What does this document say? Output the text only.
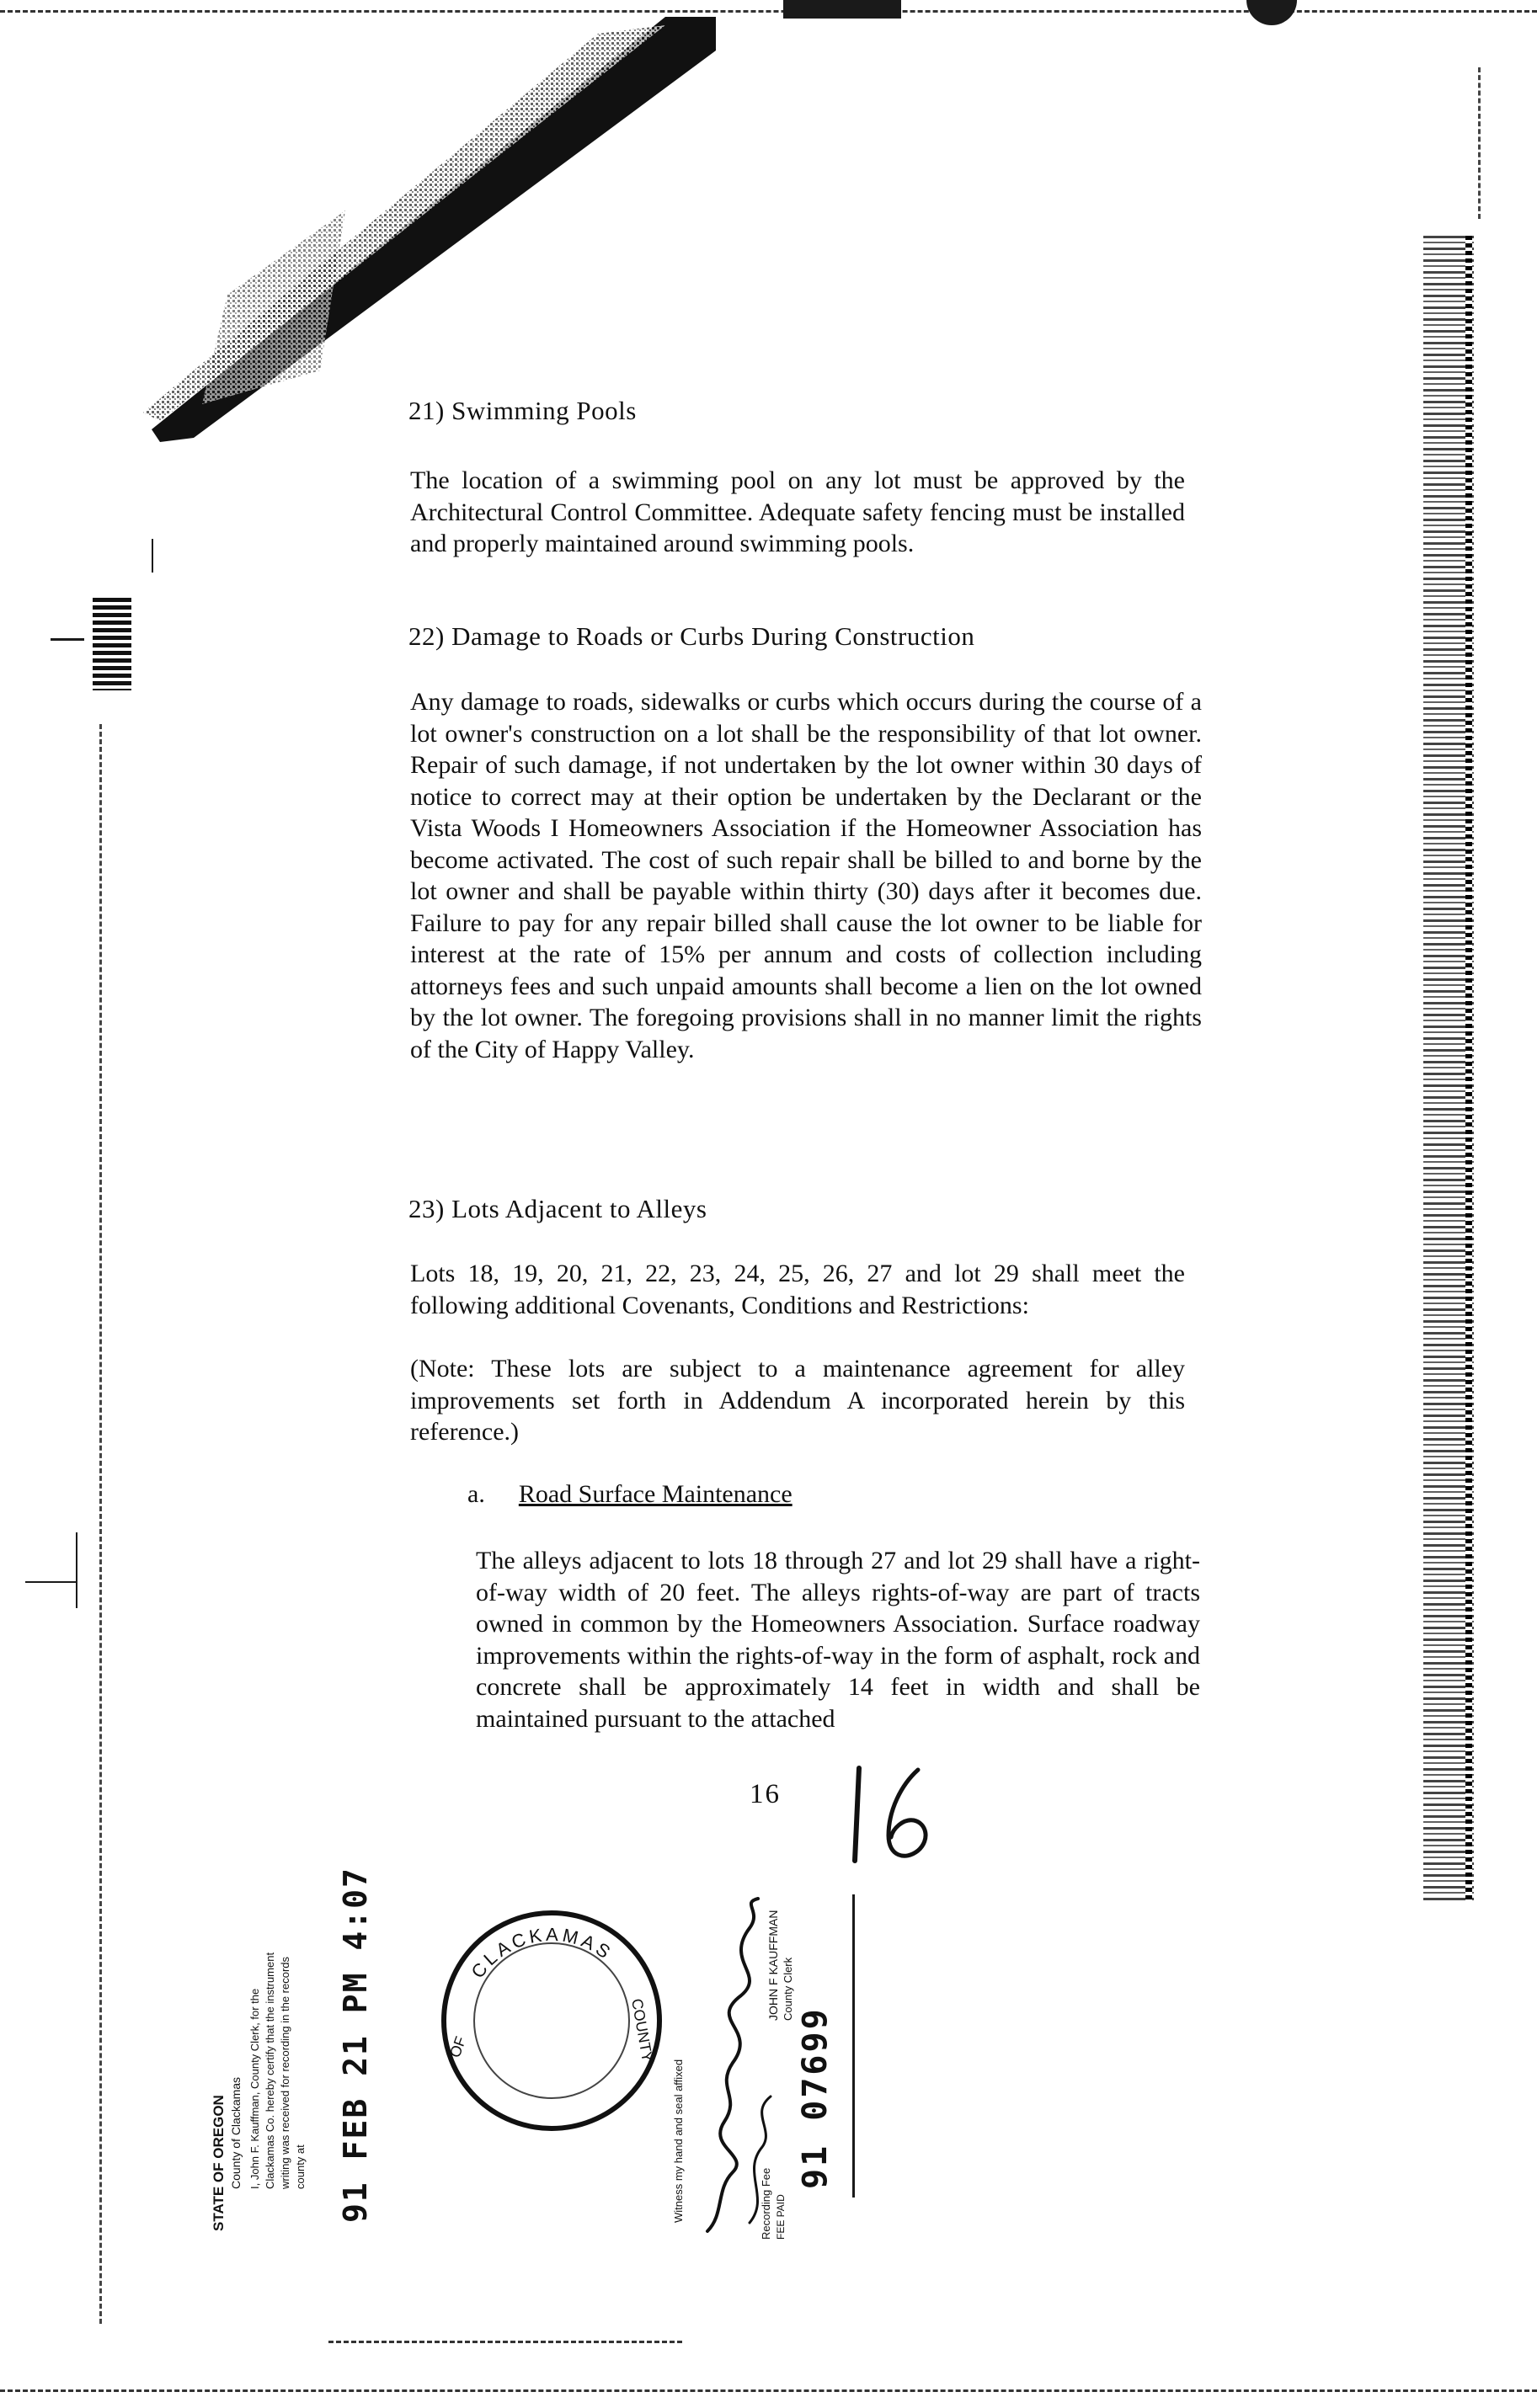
21) Swimming Pools
The location of a swimming pool on any lot must be approved by the Architectural Control Committee. Adequate safety fencing must be installed and properly maintained around swimming pools.
22) Damage to Roads or Curbs During Construction
Any damage to roads, sidewalks or curbs which occurs during the course of a lot owner's construction on a lot shall be the responsibility of that lot owner. Repair of such damage, if not undertaken by the lot owner within 30 days of notice to correct may at their option be undertaken by the Declarant or the Vista Woods I Homeowners Association if the Homeowner Association has become activated. The cost of such repair shall be billed to and borne by the lot owner and shall be payable within thirty (30) days after it becomes due. Failure to pay for any repair billed shall cause the lot owner to be liable for interest at the rate of 15% per annum and costs of collection including attorneys fees and such unpaid amounts shall become a lien on the lot owned by the lot owner. The foregoing provisions shall in no manner limit the rights of the City of Happy Valley.
23) Lots Adjacent to Alleys
Lots 18, 19, 20, 21, 22, 23, 24, 25, 26, 27 and lot 29 shall meet the following additional Covenants, Conditions and Restrictions:
(Note: These lots are subject to a maintenance agreement for alley improvements set forth in Addendum A incorporated herein by this reference.)
a. Road Surface Maintenance
The alleys adjacent to lots 18 through 27 and lot 29 shall have a right-of-way width of 20 feet. The alleys rights-of-way are part of tracts owned in common by the Homeowners Association. Surface roadway improvements within the rights-of-way in the form of asphalt, rock and concrete shall be approximately 14 feet in width and shall be maintained pursuant to the attached
16
STATE OF OREGON County of Clackamas I, John F. Kauffman, County Clerk, for the Clackamas Co. hereby certify that the instrument writing was received for recording in the records county at 91 FEB 21 PM 4:07	CLACKAMAS
OF	COUNTY
Witness my hand and seal affixed
JOHN F KAUFFMAN County Clerk
Recording Fee FEE PAID
91 07699
